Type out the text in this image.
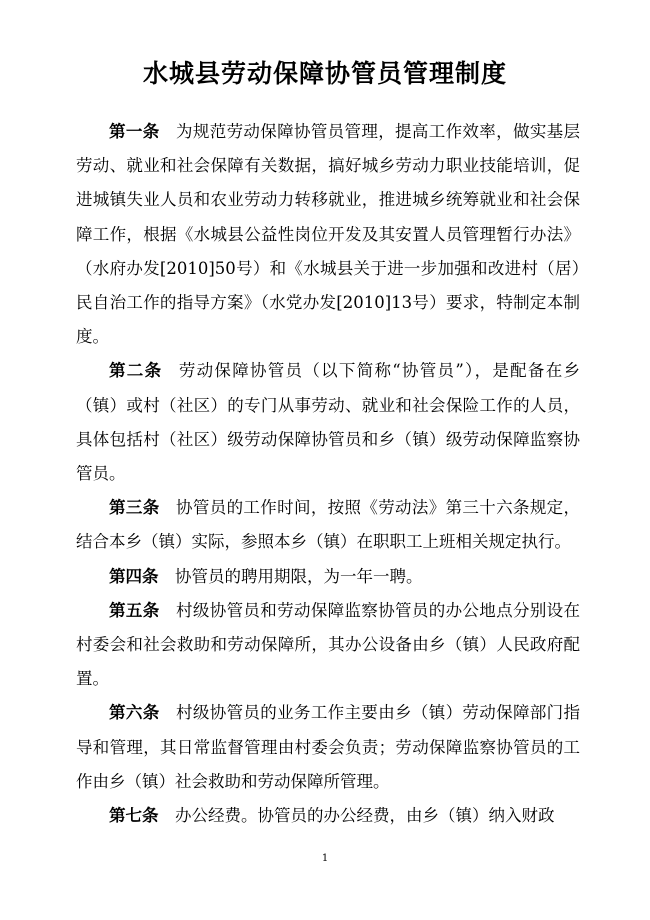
水城县劳动保障协管员管理制度

第一条 为规范劳动保障协管员管理，提高工作效率，做实基层劳动、就业和社会保障有关数据，搞好城乡劳动力职业技能培训，促进城镇失业人员和农业劳动力转移就业，推进城乡统筹就业和社会保障工作，根据《水城县公益性岗位开发及其安置人员管理暂行办法》（水府办发[2010]50号）和《水城县关于进一步加强和改进村（居）民自治工作的指导方案》（水党办发[2010]13号）要求，特制定本制度。

第二条 劳动保障协管员（以下简称“协管员”），是配备在乡（镇）或村（社区）的专门从事劳动、就业和社会保险工作的人员，具体包括村（社区）级劳动保障协管员和乡（镇）级劳动保障监察协管员。

第三条 协管员的工作时间，按照《劳动法》第三十六条规定，结合本乡（镇）实际，参照本乡（镇）在职职工上班相关规定执行。

第四条 协管员的聘用期限，为一年一聘。

第五条 村级协管员和劳动保障监察协管员的办公地点分别设在村委会和社会救助和劳动保障所，其办公设备由乡（镇）人民政府配置。

第六条 村级协管员的业务工作主要由乡（镇）劳动保障部门指导和管理，其日常监督管理由村委会负责；劳动保障监察协管员的工作由乡（镇）社会救助和劳动保障所管理。

第七条 办公经费。协管员的办公经费，由乡（镇）纳入财政

1
